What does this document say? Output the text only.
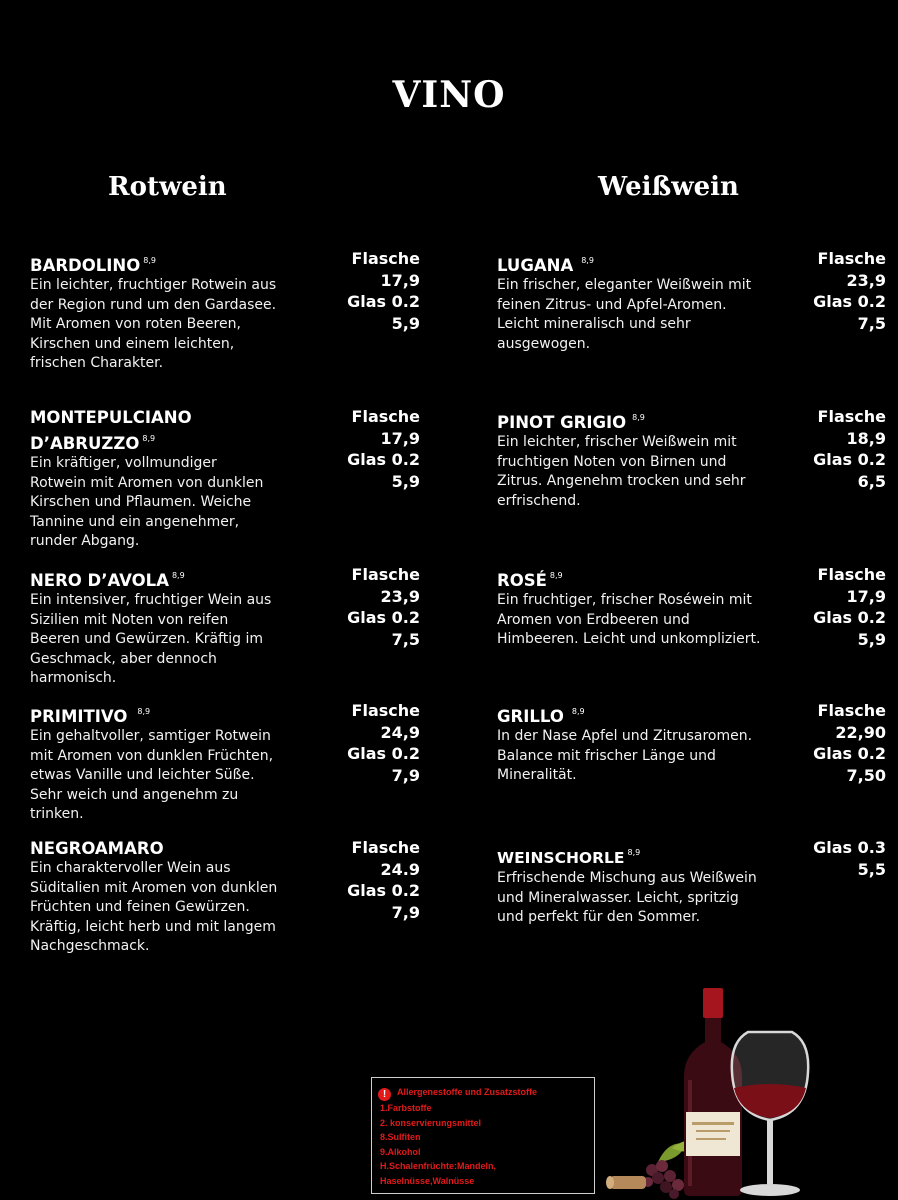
VINO
Rotwein	Weißwein
BARDOLINO $^{8,9}$
Ein leichter, fruchtiger Rotwein aus
der Region rund um den Gardasee.
Mit Aromen von roten Beeren,
Kirschen und einem leichten,
frischen Charakter.
Flasche
17,9
Glas 0.2
5,9
MONTEPULCIANO
D’ABRUZZO $^{8,9}$
Ein kräftiger, vollmundiger
Rotwein mit Aromen von dunklen
Kirschen und Pflaumen. Weiche
Tannine und ein angenehmer,
runder Abgang.
Flasche
17,9
Glas 0.2
5,9
NERO D’AVOLA $^{8,9}$
Ein intensiver, fruchtiger Wein aus
Sizilien mit Noten von reifen
Beeren und Gewürzen. Kräftig im
Geschmack, aber dennoch
harmonisch.
Flasche
23,9
Glas 0.2
7,5
PRIMITIVO $^{8,9}$
Ein gehaltvoller, samtiger Rotwein
mit Aromen von dunklen Früchten,
etwas Vanille und leichter Süße.
Sehr weich und angenehm zu
trinken.
Flasche
24,9
Glas 0.2
7,9
NEGROAMARO
Ein charaktervoller Wein aus
Süditalien mit Aromen von dunklen
Früchten und feinen Gewürzen.
Kräftig, leicht herb und mit langem
Nachgeschmack.
Flasche
24.9
Glas 0.2
7,9
LUGANA $^{8,9}$
Ein frischer, eleganter Weißwein mit
feinen Zitrus- und Apfel-Aromen.
Leicht mineralisch und sehr
ausgewogen.
Flasche
23,9
Glas 0.2
7,5
PINOT GRIGIO $^{8,9}$
Ein leichter, frischer Weißwein mit
fruchtigen Noten von Birnen und
Zitrus. Angenehm trocken und sehr
erfrischend.
Flasche
18,9
Glas 0.2
6,5
ROSÉ $^{8,9}$
Ein fruchtiger, frischer Roséwein mit
Aromen von Erdbeeren und
Himbeeren. Leicht und unkompliziert.
Flasche
17,9
Glas 0.2
5,9
GRILLO $^{8,9}$
In der Nase Apfel und Zitrusaromen.
Balance mit frischer Länge und
Mineralität.
Flasche
22,90
Glas 0.2
7,50
WEINSCHORLE $^{8,9}$
Erfrischende Mischung aus Weißwein
und Mineralwasser. Leicht, spritzig
und perfekt für den Sommer.
Glas 0.3
5,5
! Allergenestoffe und Zusatzstoffe
1.Farbstoffe
2. konservierungsmittel
8.Sulfiten
9.Alkohol
H.Schalenfrüchte:Mandeln,
Haselnüsse,Walnüsse
